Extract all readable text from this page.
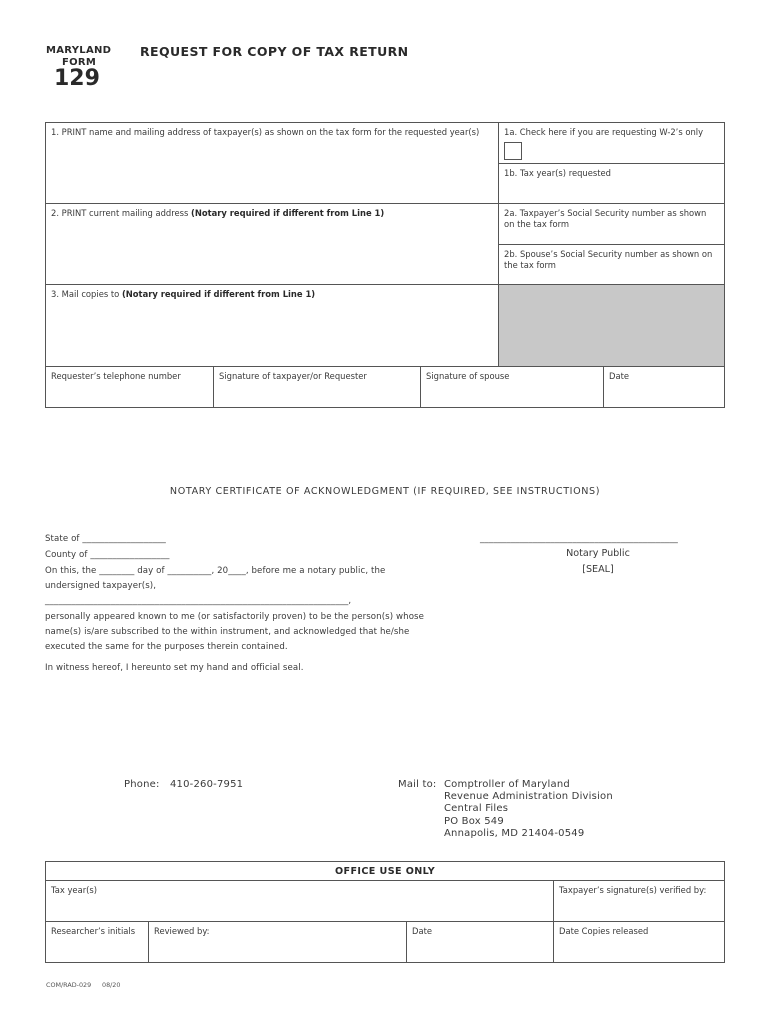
MARYLAND
FORM
129
REQUEST FOR COPY OF TAX RETURN
1. PRINT name and mailing address of taxpayer(s) as shown on the tax form for the requested year(s)	1a. Check here if you are requesting W-2’s only
1b. Tax year(s) requested
2. PRINT current mailing address (Notary required if different from Line 1)	2a. Taxpayer’s Social Security number as shown on the tax form
2b. Spouse’s Social Security number as shown on the tax form
3. Mail copies to (Notary required if different from Line 1)
Requester’s telephone number	Signature of taxpayer/or Requester	Signature of spouse	Date
NOTARY CERTIFICATE OF ACKNOWLEDGMENT (IF REQUIRED, SEE INSTRUCTIONS)
State of ___________________
County of __________________
On this, the ________ day of __________, 20____, before me a notary public, the
undersigned taxpayer(s),
_____________________________________________________________________,
personally appeared known to me (or satisfactorily proven) to be the person(s) whose
name(s) is/are subscribed to the within instrument, and acknowledged that he/she
executed the same for the purposes therein contained.
In witness hereof, I hereunto set my hand and official seal.
_____________________________________________
Notary Public
[SEAL]
Phone: 410-260-7951	Mail to: Comptroller of Maryland
Revenue Administration Division
Central Files
PO Box 549
Annapolis, MD 21404-0549
OFFICE USE ONLY
Tax year(s)	Taxpayer’s signature(s) verified by:
Researcher’s initials	Reviewed by:	Date	Date Copies released
COM/RAD-029 08/20
